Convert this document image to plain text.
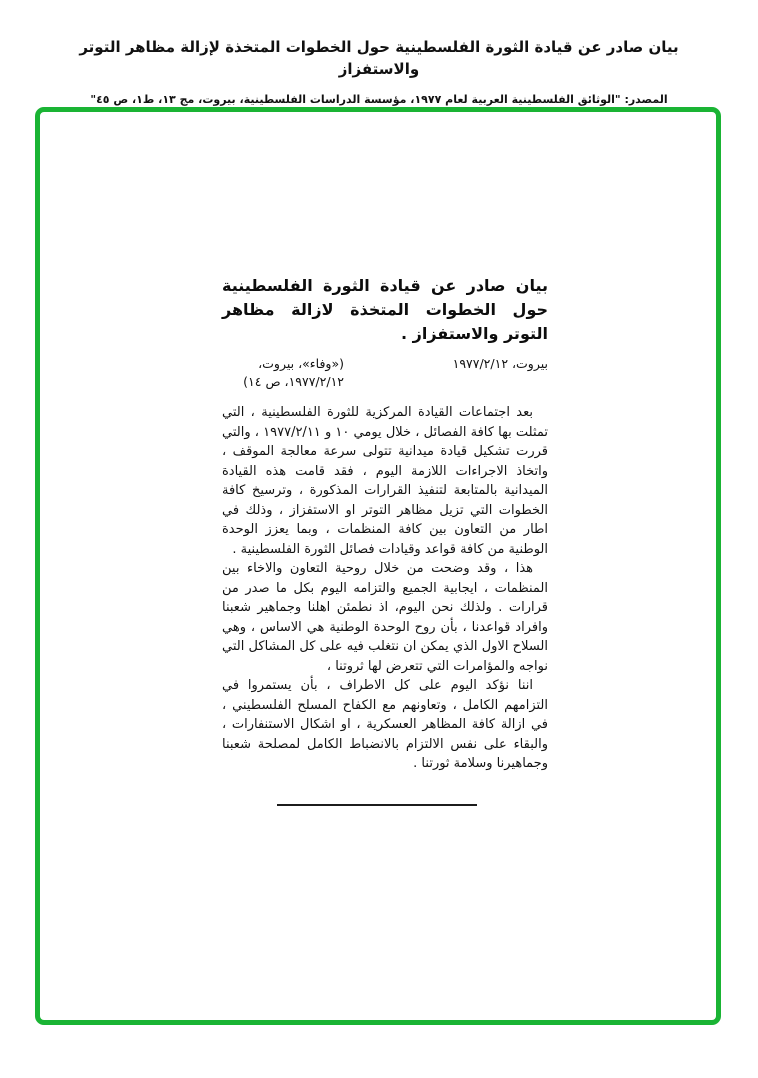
بيان صادر عن قيادة الثورة الفلسطينية حول الخطوات المتخذة لإزالة مظاهر التوتر والاستفزاز
المصدر: "الوثائق الفلسطينية العربية لعام ١٩٧٧، مؤسسة الدراسات الفلسطينية، بيروت، مج ١٣، ط١، ص ٤٥"
بيان صادر عن قيادة الثورة الفلسطينية حول الخطوات المتخذة لازالة مظاهر التوتر والاستفزاز .
بيروت، ١٩٧٧/٢/١٢
(«وفاء»، بيروت، ١٩٧٧/٢/١٢، ص ١٤)

بعد اجتماعات القيادة المركزية للثورة الفلسطينية ، التي تمثلت بها كافة الفصائل ، خلال يومي ١٠ و ١٩٧٧/٢/١١ ، والتي قررت تشكيل قيادة ميدانية تتولى سرعة معالجة الموقف ، واتخاذ الاجراءات اللازمة اليوم ، فقد قامت هذه القيادة الميدانية بالمتابعة لتنفيذ القرارات المذكورة ، وترسيخ كافة الخطوات التي تزيل مظاهر التوتر او الاستفزاز ، وذلك في اطار من التعاون بين كافة المنظمات ، وبما يعزز الوحدة الوطنية من كافة قواعد وقيادات فصائل الثورة الفلسطينية .

هذا ، وقد وضحت من خلال روحية التعاون والاخاء بين المنظمات ، ايجابية الجميع والتزامه اليوم بكل ما صدر من قرارات . ولذلك نحن اليوم، اذ نطمئن اهلنا وجماهير شعبنا وافراد قواعدنا ، بأن روح الوحدة الوطنية هي الاساس ، وهي السلاح الاول الذي يمكن ان نتغلب فيه على كل المشاكل التي نواجه والمؤامرات التي تتعرض لها ثروتنا ،

اننا نؤكد اليوم على كل الاطراف ، بأن يستمروا في التزامهم الكامل ، وتعاونهم مع الكفاح المسلح الفلسطيني ، في ازالة كافة المظاهر العسكرية ، او اشكال الاستنفارات ، والبقاء على نفس الالتزام بالانضباط الكامل لمصلحة شعبنا وجماهيرنا وسلامة ثورتنا .
